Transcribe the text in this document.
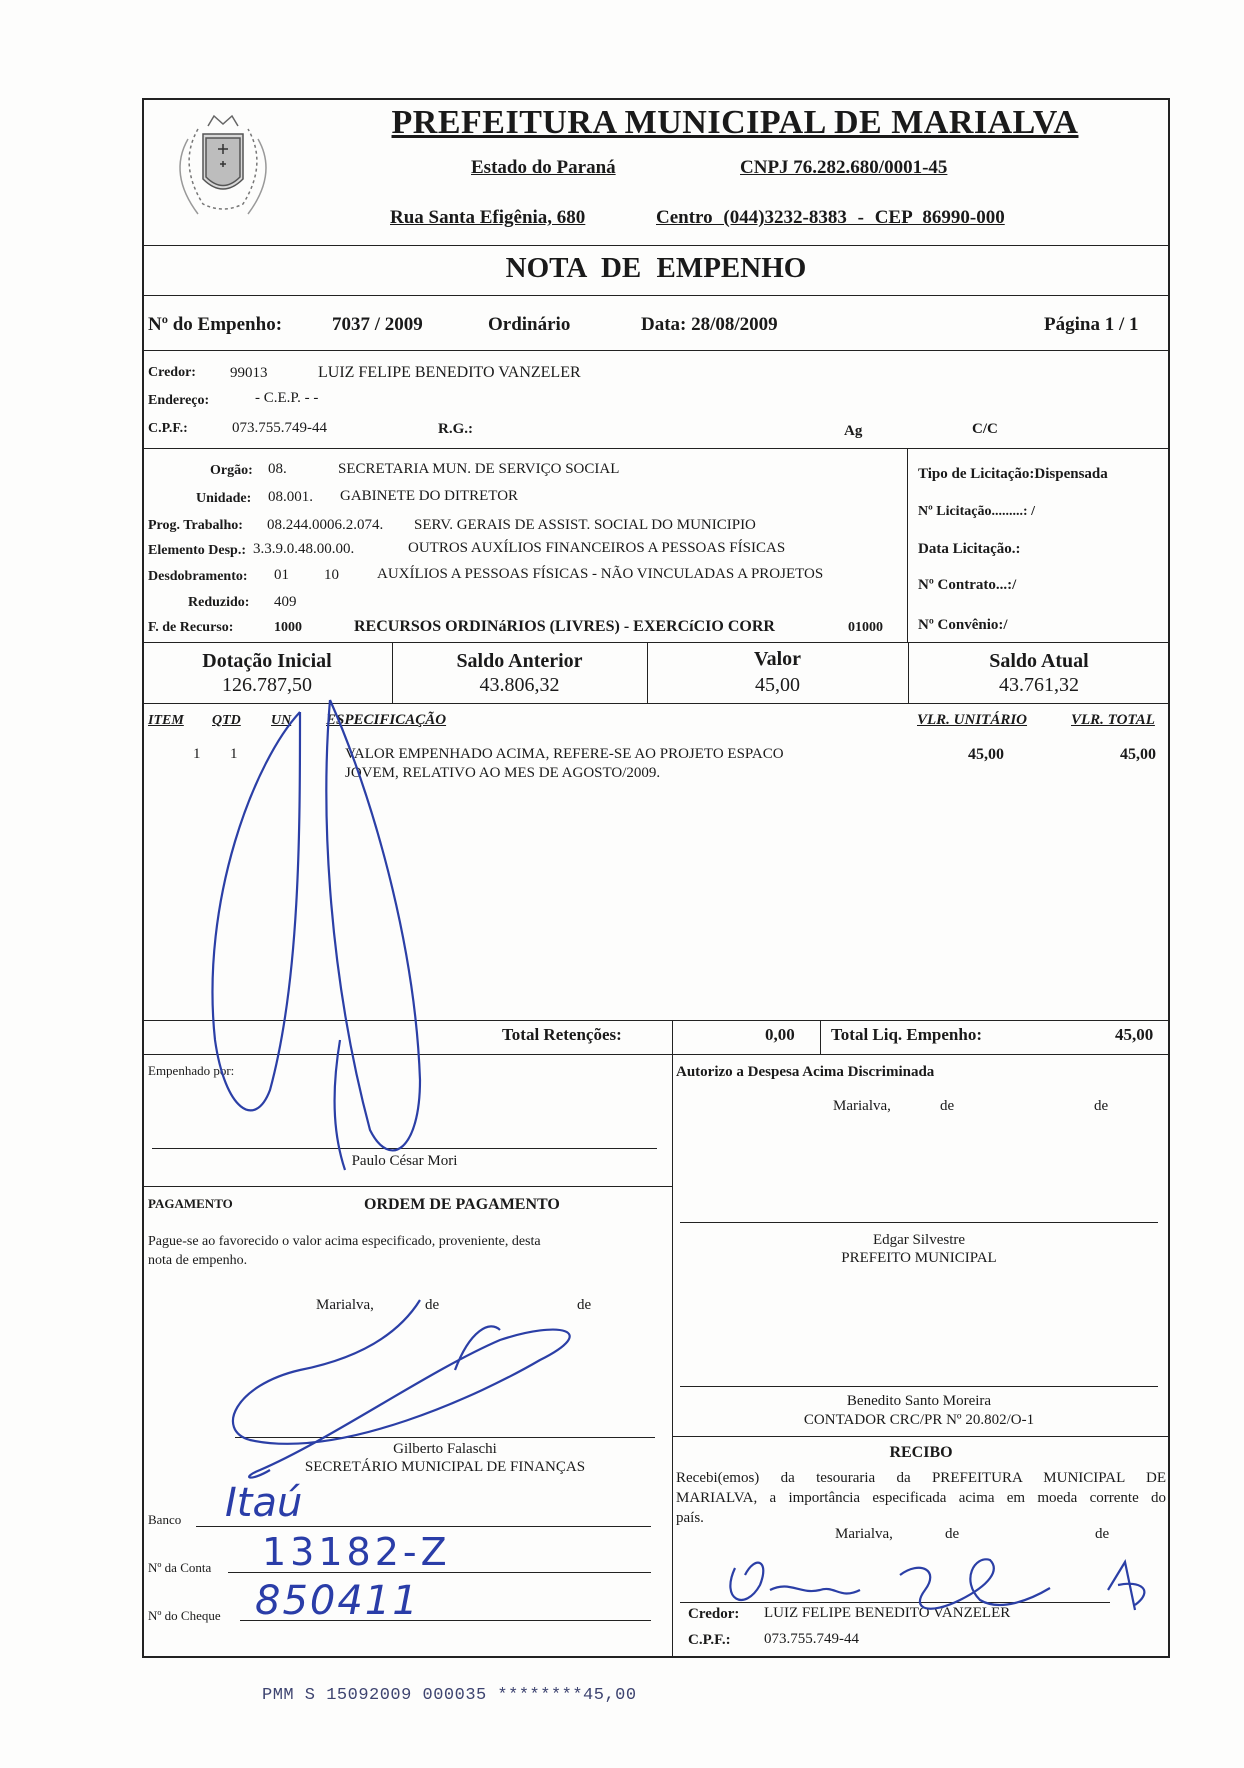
PREFEITURA MUNICIPAL DE MARIALVA
Estado do Paraná	CNPJ 76.282.680/0001-45
Rua Santa Efigênia, 680	Centro (044)3232-8383 - CEP 86990-000
NOTA DE EMPENHO
Nº do Empenho:	7037 / 2009	Ordinário	Data: 28/08/2009	Página 1 / 1
Credor: 99013	LUIZ FELIPE BENEDITO VANZELER
Endereço:	- C.E.P. - -
C.P.F.:	073.755.749-44	R.G.:	Ag	C/C
Orgão: 08.	SECRETARIA MUN. DE SERVIÇO SOCIAL
Unidade: 08.001. GABINETE DO DITRETOR
Prog. Trabalho: 08.244.0006.2.074. SERV. GERAIS DE ASSIST. SOCIAL DO MUNICIPIO
Elemento Desp.: 3.3.9.0.48.00.00.	OUTROS AUXÍLIOS FINANCEIROS A PESSOAS FÍSICAS
Desdobramento: 01 10	AUXÍLIOS A PESSOAS FÍSICAS - NÃO VINCULADAS A PROJETOS
Reduzido: 409
F. de Recurso:	1000	RECURSOS ORDINáRIOS (LIVRES) - EXERCíCIO CORR	01000
Tipo de Licitação:Dispensada
Nº Licitação.........: /
Data Licitação.:
Nº Contrato...:/
Nº Convênio:/
Dotação Inicial
126.787,50
Saldo Anterior
43.806,32
Valor
45,00
Saldo Atual
43.761,32
ITEM QTD UN ESPECIFICAÇÃO	VLR. UNITÁRIO	VLR. TOTAL
1 1	VALOR EMPENHADO ACIMA, REFERE-SE AO PROJETO ESPACO
JOVEM, RELATIVO AO MES DE AGOSTO/2009.
45,00	45,00
Total Retenções:	0,00 Total Liq. Empenho:	45,00
Empenhado por:
Paulo César Mori
Autorizo a Despesa Acima Discriminada
Marialva,	de	de
Edgar Silvestre
PREFEITO MUNICIPAL
Benedito Santo Moreira
CONTADOR CRC/PR Nº 20.802/O-1
PAGAMENTO	ORDEM DE PAGAMENTO
Pague-se ao favorecido o valor acima especificado, proveniente, desta
nota de empenho.
Marialva,	de	de
Gilberto Falaschi
SECRETÁRIO MUNICIPAL DE FINANÇAS
Banco Itaú
Nº da Conta 13182-Z
Nº do Cheque 850411
RECIBO
Recebi(emos) da tesouraria da PREFEITURA MUNICIPAL DE
MARIALVA, a importância especificada acima em moeda corrente do
país.
Marialva,	de	de
Credor: LUIZ FELIPE BENEDITO VANZELER
C.P.F.: 073.755.749-44
PMM S 15092009 000035 ********45,00
